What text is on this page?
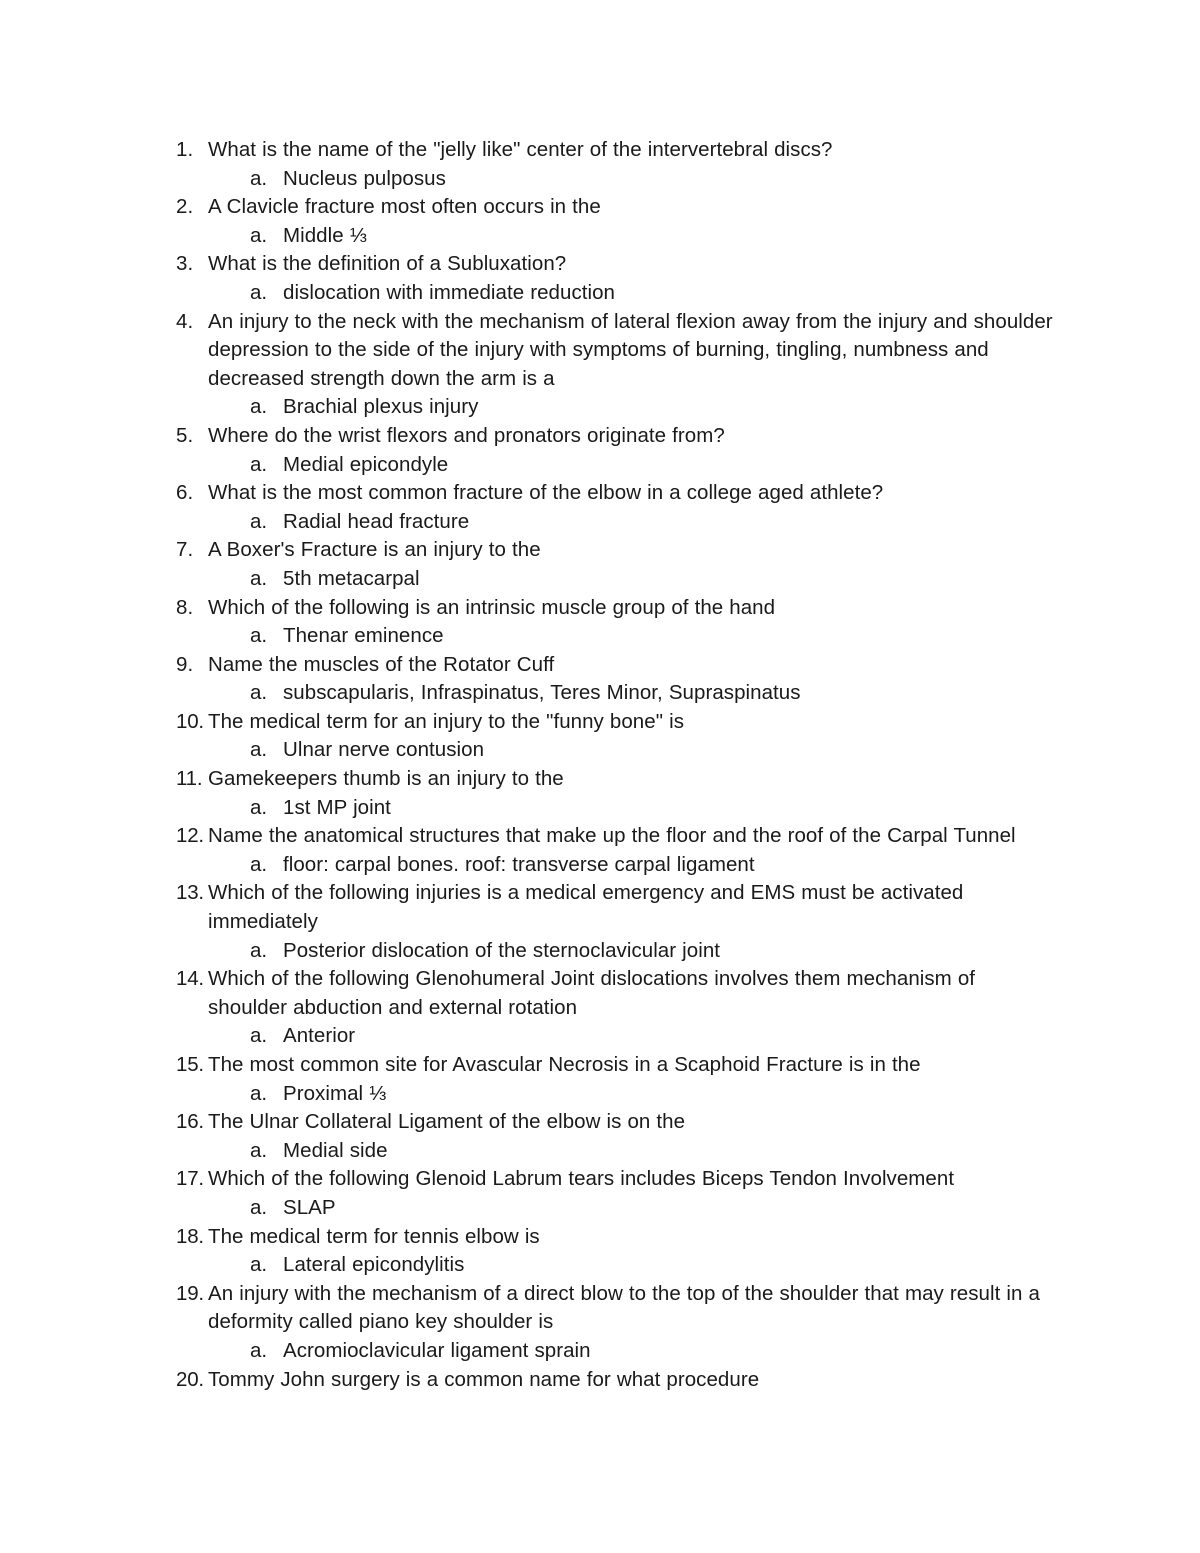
1. What is the name of the "jelly like" center of the intervertebral discs?
a. Nucleus pulposus
2. A Clavicle fracture most often occurs in the
a. Middle ⅓
3. What is the definition of a Subluxation?
a. dislocation with immediate reduction
4. An injury to the neck with the mechanism of lateral flexion away from the injury and shoulder depression to the side of the injury with symptoms of burning, tingling, numbness and decreased strength down the arm is a
a. Brachial plexus injury
5. Where do the wrist flexors and pronators originate from?
a. Medial epicondyle
6. What is the most common fracture of the elbow in a college aged athlete?
a. Radial head fracture
7. A Boxer's Fracture is an injury to the
a. 5th metacarpal
8. Which of the following is an intrinsic muscle group of the hand
a. Thenar eminence
9. Name the muscles of the Rotator Cuff
a. subscapularis, Infraspinatus, Teres Minor, Supraspinatus
10. The medical term for an injury to the "funny bone" is
a. Ulnar nerve contusion
11. Gamekeepers thumb is an injury to the
a. 1st MP joint
12. Name the anatomical structures that make up the floor and the roof of the Carpal Tunnel
a. floor: carpal bones. roof: transverse carpal ligament
13. Which of the following injuries is a medical emergency and EMS must be activated immediately
a. Posterior dislocation of the sternoclavicular joint
14. Which of the following Glenohumeral Joint dislocations involves them mechanism of shoulder abduction and external rotation
a. Anterior
15. The most common site for Avascular Necrosis in a Scaphoid Fracture is in the
a. Proximal ⅓
16. The Ulnar Collateral Ligament of the elbow is on the
a. Medial side
17. Which of the following Glenoid Labrum tears includes Biceps Tendon Involvement
a. SLAP
18. The medical term for tennis elbow is
a. Lateral epicondylitis
19. An injury with the mechanism of a direct blow to the top of the shoulder that may result in a deformity called piano key shoulder is
a. Acromioclavicular ligament sprain
20. Tommy John surgery is a common name for what procedure
